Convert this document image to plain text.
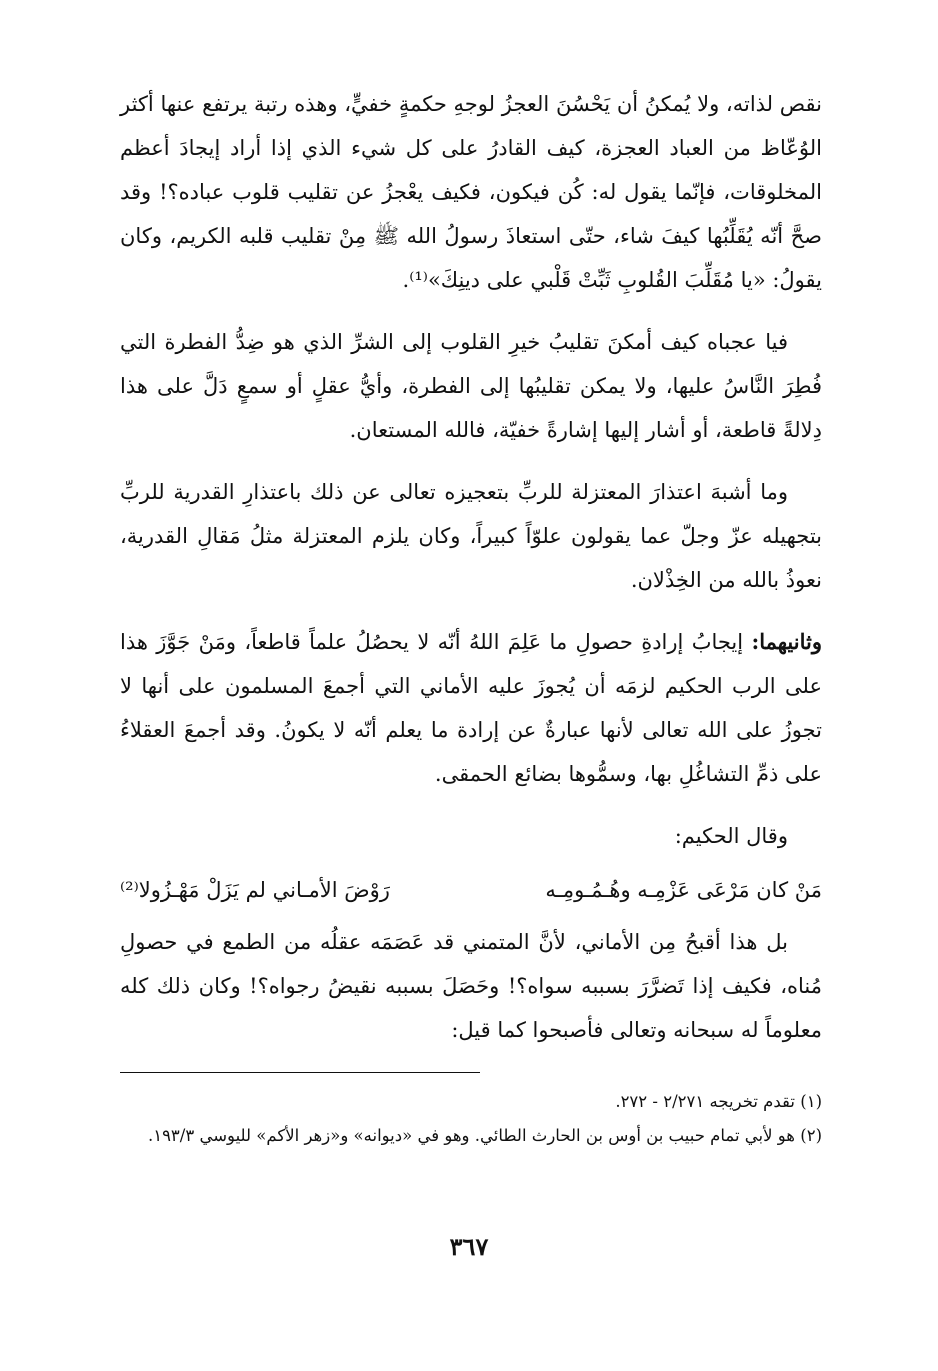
نقص لذاته، ولا يُمكنُ أن يَحْسُنَ العجزُ لوجهِ حكمةٍ خفيٍّ، وهذه رتبة يرتفع عنها أكثر الوُعّاظ من العباد العجزة، كيف القادرُ على كل شيء الذي إذا أراد إيجادَ أعظم المخلوقات، فإنّما يقول له: كُن فيكون، فكيف يعْجزُ عن تقليب قلوب عباده؟! وقد صحَّ أنّه يُقَلِّبُها كيفَ شاء، حتّى استعاذَ رسولُ الله ﷺ مِنْ تقليب قلبه الكريم، وكان يقولُ: «يا مُقَلِّبَ القُلوبِ ثَبِّتْ قَلْبي على دينِكَ»⁽¹⁾.

فيا عجباه كيف أمكنَ تقليبُ خيرِ القلوب إلى الشرِّ الذي هو ضِدُّ الفطرة التي فُطِرَ النَّاسُ عليها، ولا يمكن تقليبُها إلى الفطرة، وأيُّ عقلٍ أو سمعٍ دَلَّ على هذا دِلالةً قاطعة، أو أشار إليها إشارةً خفيّة، فالله المستعان.

وما أشبهَ اعتذارَ المعتزلة للربِّ بتعجيزه تعالى عن ذلك باعتذارِ القدرية للربِّ بتجهيله عزّ وجلّ عما يقولون علوّاً كبيراً، وكان يلزم المعتزلة مثلُ مَقالِ القدرية، نعوذُ بالله من الخِذْلان.

وثانيهما: إيجابُ إرادةِ حصولِ ما عَلِمَ اللهُ أنّه لا يحصُلُ علماً قاطعاً، ومَنْ جَوَّزَ هذا على الرب الحكيم لزمَه أن يُجوزَ عليه الأماني التي أجمعَ المسلمون على أنها لا تجوزُ على الله تعالى لأنها عبارةٌ عن إرادة ما يعلم أنّه لا يكونُ. وقد أجمعَ العقلاءُ على ذمِّ التشاغُلِ بها، وسمُّوها بضائع الحمقى.

وقال الحكيم:

مَنْ كان مَرْعَى عَزْمِـه وهُـمُـومِـه
رَوْضَ الأمـاني لم يَزَلْ مَهْـزُولا⁽²⁾

بل هذا أقبحُ مِن الأماني، لأنَّ المتمني قد عَصَمَه عقلُه من الطمع في حصولِ مُناه، فكيف إذا تَضرَّرَ بسببه سواه؟! وحَصَلَ بسببه نقيضُ رجواه؟! وكان ذلك كله معلوماً له سبحانه وتعالى فأصبحوا كما قيل:

(١) تقدم تخريجه ٢/٢٧١ - ٢٧٢.

(٢) هو لأبي تمام حبيب بن أوس بن الحارث الطائي. وهو في «ديوانه» و«زهر الأكم» لليوسي ١٩٣/٣.

٣٦٧
